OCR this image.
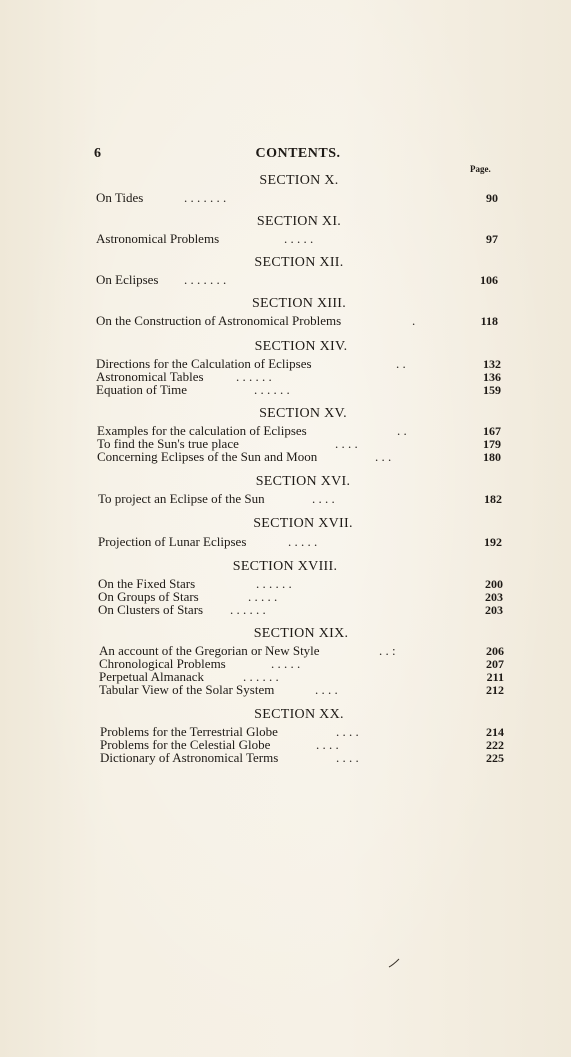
6	CONTENTS.
Page.
SECTION X.
On Tides	. . . . . . .	90
SECTION XI.
Astronomical Problems	. . . . .	97
SECTION XII.
On Eclipses . . . . . . .	106
SECTION XIII.
On the Construction of Astronomical Problems	.	118
SECTION XIV.
Directions for the Calculation of Eclipses	. .	132
Astronomical Tables . . . . . .	136
Equation of Time	. . . . . .	159
SECTION XV.
Examples for the calculation of Eclipses	. .	167
To find the Sun's true place	. . . .	179
Concerning Eclipses of the Sun and Moon	. . .	180
SECTION XVI.
To project an Eclipse of the Sun	. . . .	182
SECTION XVII.
Projection of Lunar Eclipses	. . . . .	192
SECTION XVIII.
On the Fixed Stars	. . . . . .	200
On Groups of Stars	. . . . .	203
On Clusters of Stars . . . . . .	203
SECTION XIX.
An account of the Gregorian or New Style	. . :	206
Chronological Problems	. . . . .	207
Perpetual Almanack	. . . . . .	211
Tabular View of the Solar System	. . . .	212
SECTION XX.
Problems for the Terrestrial Globe	. . . .	214
Problems for the Celestial Globe	. . . .	222
Dictionary of Astronomical Terms	. . . .	225
